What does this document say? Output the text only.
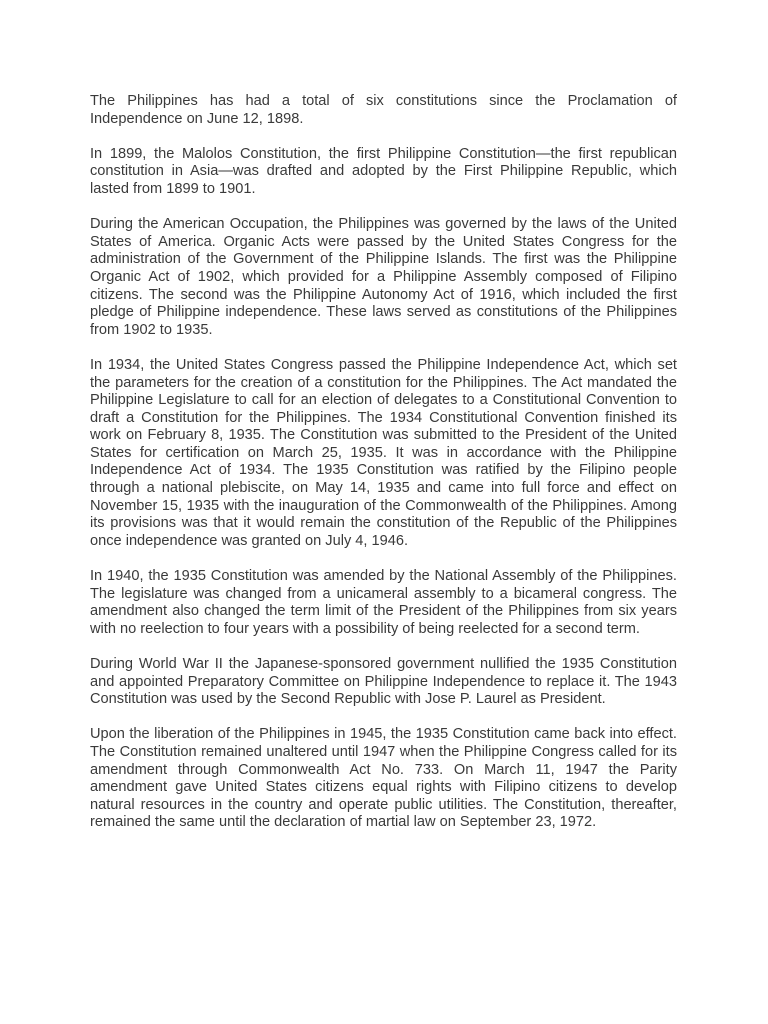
The Philippines has had a total of six constitutions since the Proclamation of Independence on June 12, 1898.

In 1899, the Malolos Constitution, the first Philippine Constitution—the first republican constitution in Asia—was drafted and adopted by the First Philippine Republic, which lasted from 1899 to 1901.

During the American Occupation, the Philippines was governed by the laws of the United States of America. Organic Acts were passed by the United States Congress for the administration of the Government of the Philippine Islands. The first was the Philippine Organic Act of 1902, which provided for a Philippine Assembly composed of Filipino citizens. The second was the Philippine Autonomy Act of 1916, which included the first pledge of Philippine independence. These laws served as constitutions of the Philippines from 1902 to 1935.

In 1934, the United States Congress passed the Philippine Independence Act, which set the parameters for the creation of a constitution for the Philippines. The Act mandated the Philippine Legislature to call for an election of delegates to a Constitutional Convention to draft a Constitution for the Philippines. The 1934 Constitutional Convention finished its work on February 8, 1935. The Constitution was submitted to the President of the United States for certification on March 25, 1935. It was in accordance with the Philippine Independence Act of 1934. The 1935 Constitution was ratified by the Filipino people through a national plebiscite, on May 14, 1935 and came into full force and effect on November 15, 1935 with the inauguration of the Commonwealth of the Philippines. Among its provisions was that it would remain the constitution of the Republic of the Philippines once independence was granted on July 4, 1946.

In 1940, the 1935 Constitution was amended by the National Assembly of the Philippines. The legislature was changed from a unicameral assembly to a bicameral congress. The amendment also changed the term limit of the President of the Philippines from six years with no reelection to four years with a possibility of being reelected for a second term.

During World War II the Japanese-sponsored government nullified the 1935 Constitution and appointed Preparatory Committee on Philippine Independence to replace it. The 1943 Constitution was used by the Second Republic with Jose P. Laurel as President.

Upon the liberation of the Philippines in 1945, the 1935 Constitution came back into effect. The Constitution remained unaltered until 1947 when the Philippine Congress called for its amendment through Commonwealth Act No. 733. On March 11, 1947 the Parity amendment gave United States citizens equal rights with Filipino citizens to develop natural resources in the country and operate public utilities. The Constitution, thereafter, remained the same until the declaration of martial law on September 23, 1972.
